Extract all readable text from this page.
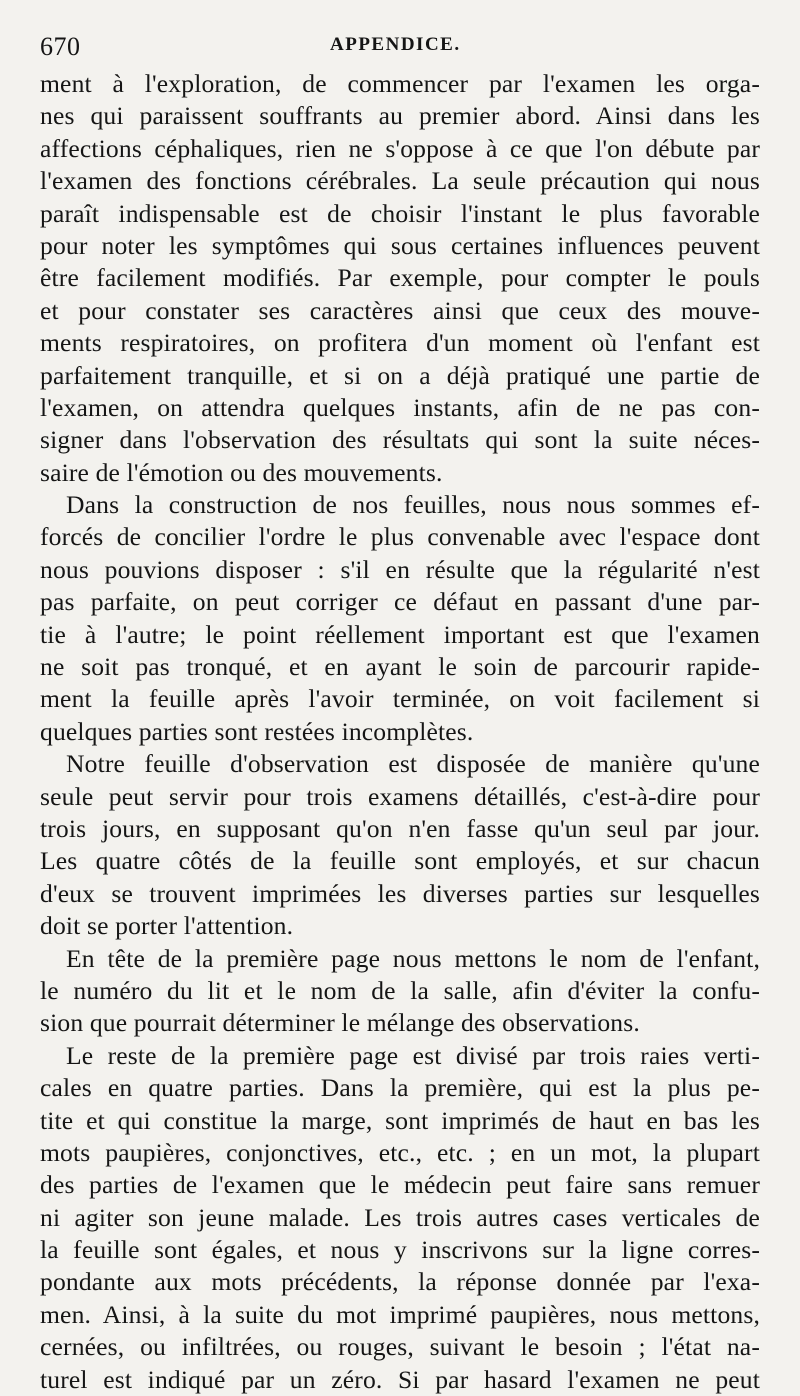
670	APPENDICE.
ment à l'exploration, de commencer par l'examen les orga-
nes qui paraissent souffrants au premier abord. Ainsi dans les
affections céphaliques, rien ne s'oppose à ce que l'on débute par
l'examen des fonctions cérébrales. La seule précaution qui nous
paraît indispensable est de choisir l'instant le plus favorable
pour noter les symptômes qui sous certaines influences peuvent
être facilement modifiés. Par exemple, pour compter le pouls
et pour constater ses caractères ainsi que ceux des mouve-
ments respiratoires, on profitera d'un moment où l'enfant est
parfaitement tranquille, et si on a déjà pratiqué une partie de
l'examen, on attendra quelques instants, afin de ne pas con-
signer dans l'observation des résultats qui sont la suite néces-
saire de l'émotion ou des mouvements.
Dans la construction de nos feuilles, nous nous sommes ef-
forcés de concilier l'ordre le plus convenable avec l'espace dont
nous pouvions disposer : s'il en résulte que la régularité n'est
pas parfaite, on peut corriger ce défaut en passant d'une par-
tie à l'autre; le point réellement important est que l'examen
ne soit pas tronqué, et en ayant le soin de parcourir rapide-
ment la feuille après l'avoir terminée, on voit facilement si
quelques parties sont restées incomplètes.
Notre feuille d'observation est disposée de manière qu'une
seule peut servir pour trois examens détaillés, c'est-à-dire pour
trois jours, en supposant qu'on n'en fasse qu'un seul par jour.
Les quatre côtés de la feuille sont employés, et sur chacun
d'eux se trouvent imprimées les diverses parties sur lesquelles
doit se porter l'attention.
En tête de la première page nous mettons le nom de l'enfant,
le numéro du lit et le nom de la salle, afin d'éviter la confu-
sion que pourrait déterminer le mélange des observations.
Le reste de la première page est divisé par trois raies verti-
cales en quatre parties. Dans la première, qui est la plus pe-
tite et qui constitue la marge, sont imprimés de haut en bas les
mots paupières, conjonctives, etc., etc. ; en un mot, la plupart
des parties de l'examen que le médecin peut faire sans remuer
ni agiter son jeune malade. Les trois autres cases verticales de
la feuille sont égales, et nous y inscrivons sur la ligne corres-
pondante aux mots précédents, la réponse donnée par l'exa-
men. Ainsi, à la suite du mot imprimé paupières, nous mettons,
cernées, ou infiltrées, ou rouges, suivant le besoin ; l'état na-
turel est indiqué par un zéro. Si par hasard l'examen ne peut
